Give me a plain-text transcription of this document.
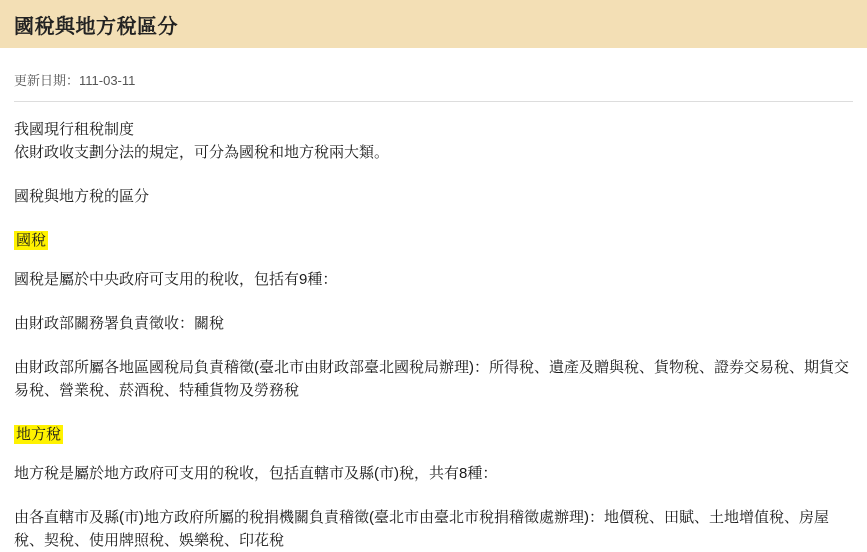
國稅與地方稅區分
更新日期：111-03-11

我國現行租稅制度

依財政收支劃分法的規定，可分為國稅和地方稅兩大類。

國稅與地方稅的區分

國稅

國稅是屬於中央政府可支用的稅收，包括有9種：

由財政部關務署負責徵收：關稅

由財政部所屬各地區國稅局負責稽徵(臺北市由財政部臺北國稅局辦理)：所得稅、遺產及贈與稅、貨物稅、證券交易稅、期貨交易稅、營業稅、菸酒稅、特種貨物及勞務稅

地方稅

地方稅是屬於地方政府可支用的稅收，包括直轄市及縣(市)稅，共有8種：

由各直轄市及縣(市)地方政府所屬的稅捐機關負責稽徵(臺北市由臺北市稅捐稽徵處辦理)：地價稅、田賦、土地增值稅、房屋稅、契稅、使用牌照稅、娛樂稅、印花稅
